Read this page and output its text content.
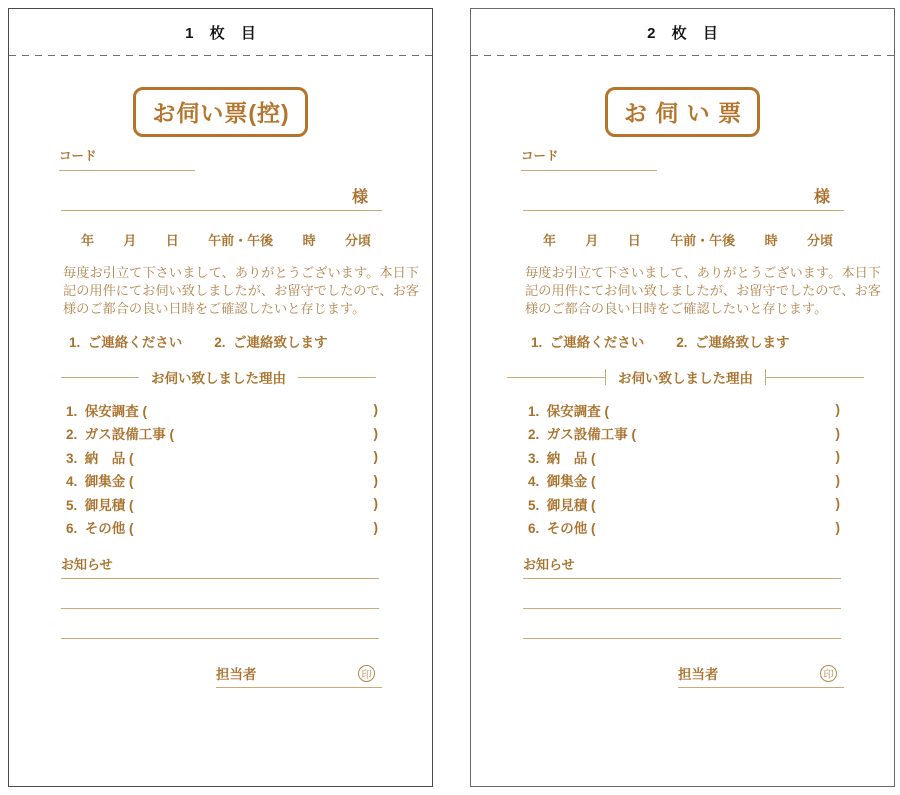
1 枚 目
お伺い票(控)
コード
様
年 月 日 午前・午後 時 分頃

毎度お引立て下さいまして、ありがとうございます。本日下記の用件にてお伺い致しましたが、お留守でしたので、お客様のご都合の良い日時をご確認したいと存じます。

1.  ご連絡ください 2.  ご連絡致します
お伺い致しました理由
1.  保安調査 (	)
2.  ガス設備工事 (	)
3.  納　品 (	)
4.  御集金 (	)
5.  御見積 (	)
6.  その他 (	)
お知らせ
担当者	印
2 枚 目
お 伺 い 票
コード
様
年 月 日 午前・午後 時 分頃

毎度お引立て下さいまして、ありがとうございます。本日下記の用件にてお伺い致しましたが、お留守でしたので、お客様のご都合の良い日時をご確認したいと存じます。

1.  ご連絡ください 2.  ご連絡致します
お伺い致しました理由
1.  保安調査 (	)
2.  ガス設備工事 (	)
3.  納　品 (	)
4.  御集金 (	)
5.  御見積 (	)
6.  その他 (	)
お知らせ
担当者	印
